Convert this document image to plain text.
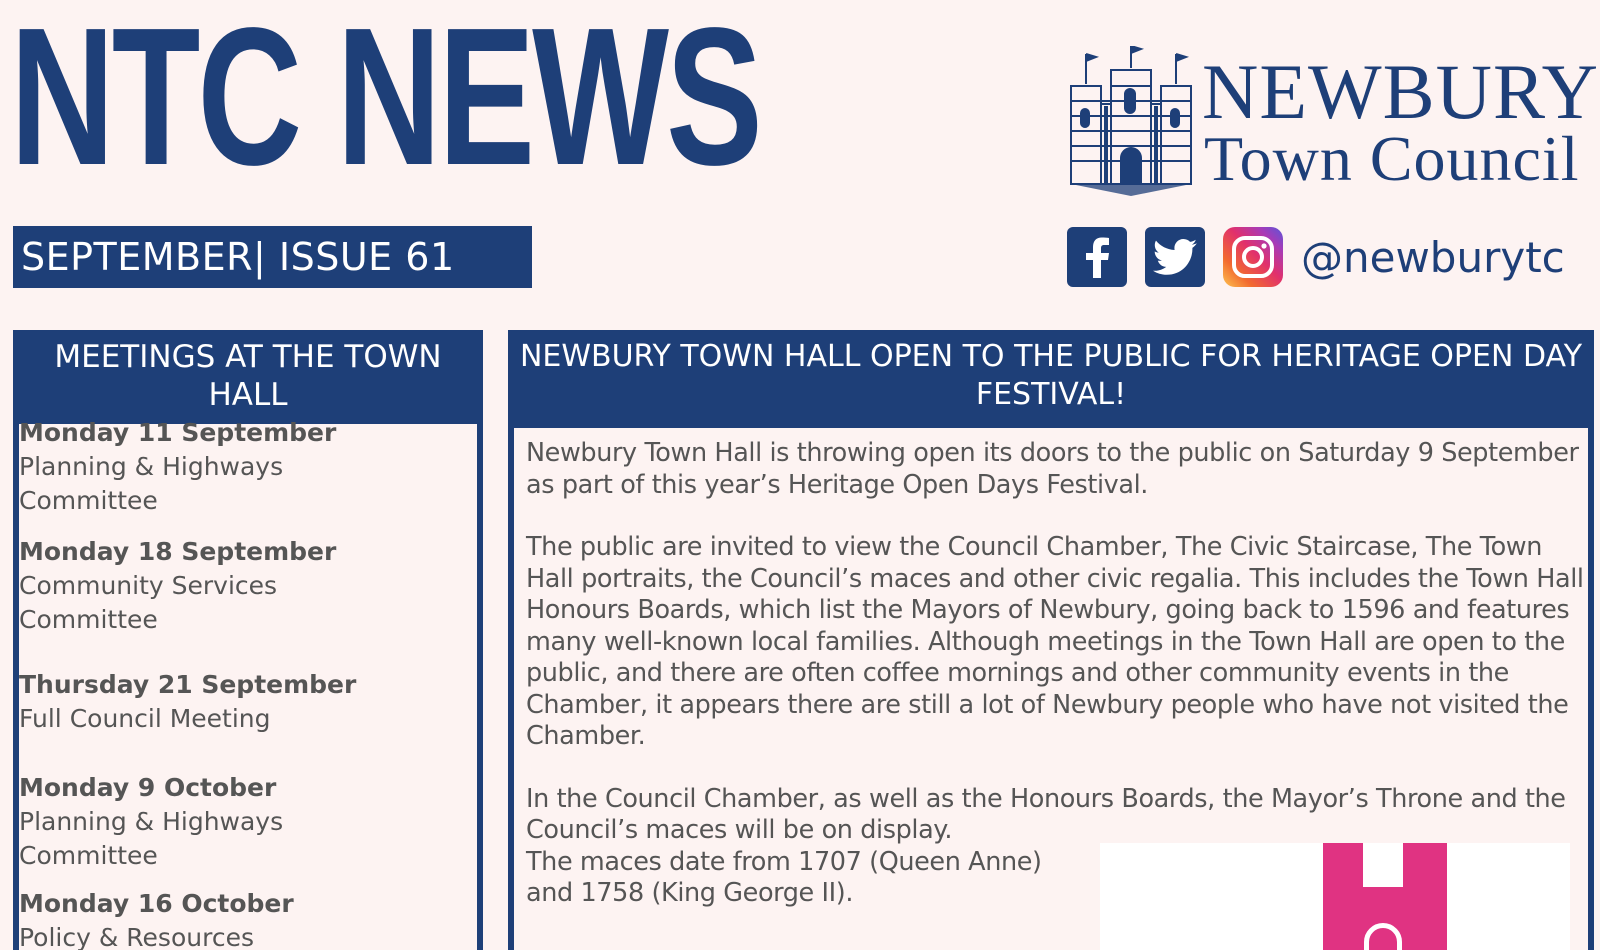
NTC NEWS
SEPTEMBER| ISSUE 61
NEWBURY
Town Council
@newburytc
MEETINGS AT THE TOWN HALL
Monday 11 September
Planning & Highways
Committee
Monday 18 September
Community Services
Committee
Thursday 21 September
Full Council Meeting
Monday 9 October
Planning & Highways
Committee
Monday 16 October
Policy & Resources
NEWBURY TOWN HALL OPEN TO THE PUBLIC FOR HERITAGE OPEN DAY FESTIVAL!

Newbury Town Hall is throwing open its doors to the public on Saturday 9 September as part of this year’s Heritage Open Days Festival.

The public are invited to view the Council Chamber, The Civic Staircase, The Town Hall portraits, the Council’s maces and other civic regalia. This includes the Town Hall Honours Boards, which list the Mayors of Newbury, going back to 1596 and features many well-known local families. Although meetings in the Town Hall are open to the public, and there are often coffee mornings and other community events in the Chamber, it appears there are still a lot of Newbury people who have not visited the Chamber.

In the Council Chamber, as well as the Honours Boards, the Mayor’s Throne and the Council’s maces will be on display.

The maces date from 1707 (Queen Anne)

and 1758 (King George II).
